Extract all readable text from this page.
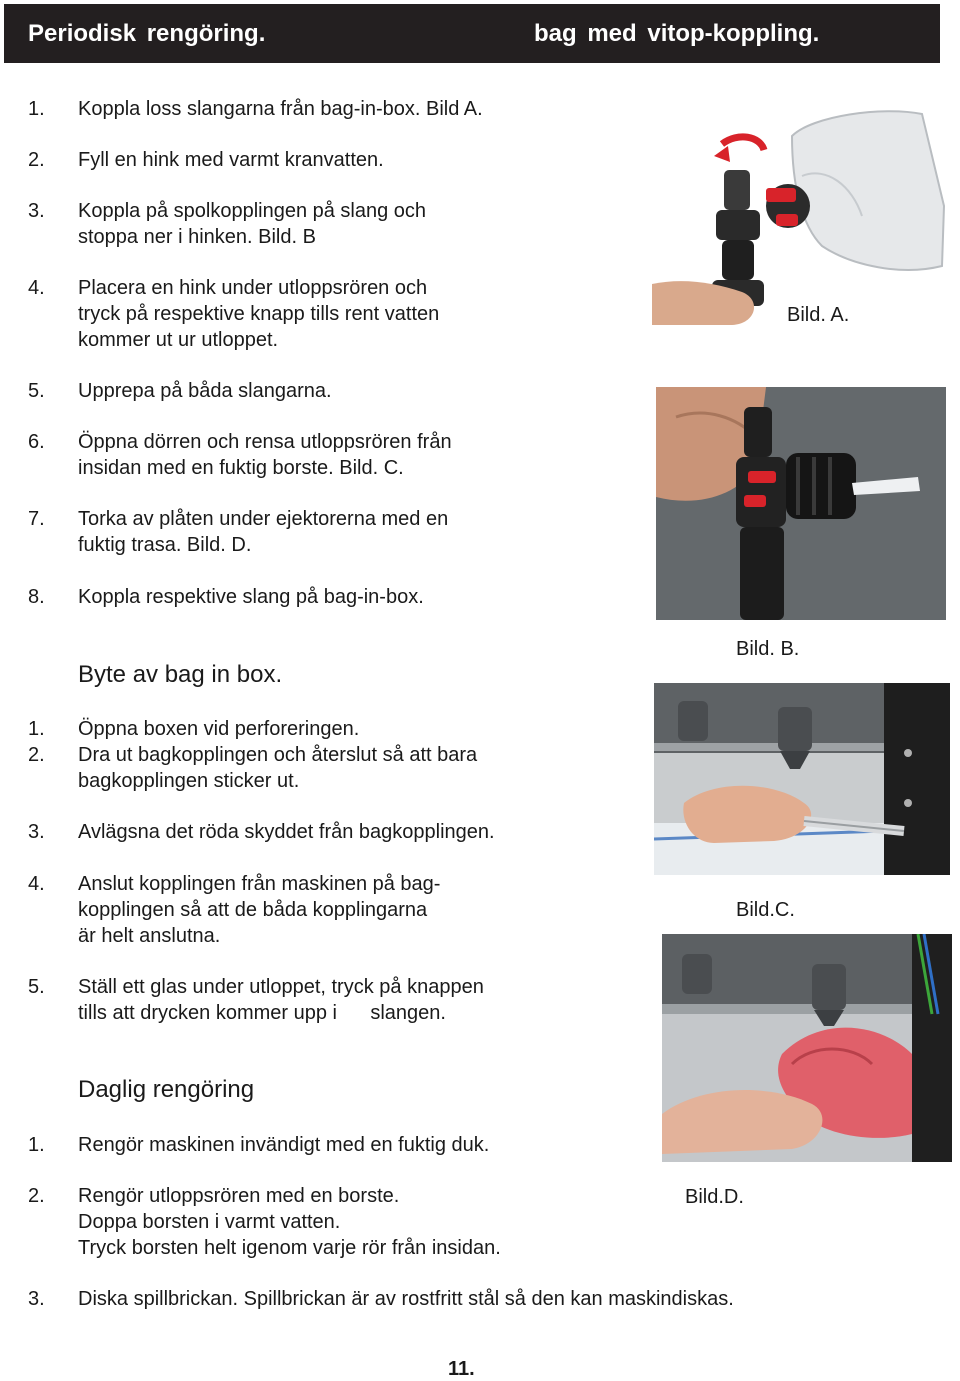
Periodisk rengöring.	bag med vitop-koppling.
1.	Koppla loss slangarna från bag-in-box. Bild A.
2.	Fyll en hink med varmt kranvatten.
3.	Koppla på spolkopplingen på slang och
stoppa ner i hinken. Bild. B
4.	Placera en hink under utloppsrören och
tryck på respektive knapp tills rent vatten
kommer ut ur utloppet.
5.	Upprepa på båda slangarna.
6.	Öppna dörren och rensa utloppsrören från
insidan med en fuktig borste. Bild. C.
7.	Torka av plåten under ejektorerna med en
fuktig trasa. Bild. D.
8.	Koppla respektive slang på bag-in-box.
Byte av bag in box.
1.	Öppna boxen vid perforeringen.
2.	Dra ut bagkopplingen och återslut så att bara
bagkopplingen sticker ut.
3.	Avlägsna det röda skyddet från bagkopplingen.
4.	Anslut kopplingen från maskinen på bag-
kopplingen så att de båda kopplingarna
är helt anslutna.
5.	Ställ ett glas under utloppet, tryck på knappen
tills att drycken kommer upp i      slangen.
Daglig rengöring
1.	Rengör maskinen invändigt med en fuktig duk.
2.	Rengör utloppsrören med en borste.
Doppa borsten i varmt vatten.
Tryck borsten helt igenom varje rör från insidan.
3.	Diska spillbrickan. Spillbrickan är av rostfritt stål så den kan maskindiskas.
Bild. A.
Bild. B.
Bild.C.
Bild.D.
11.
